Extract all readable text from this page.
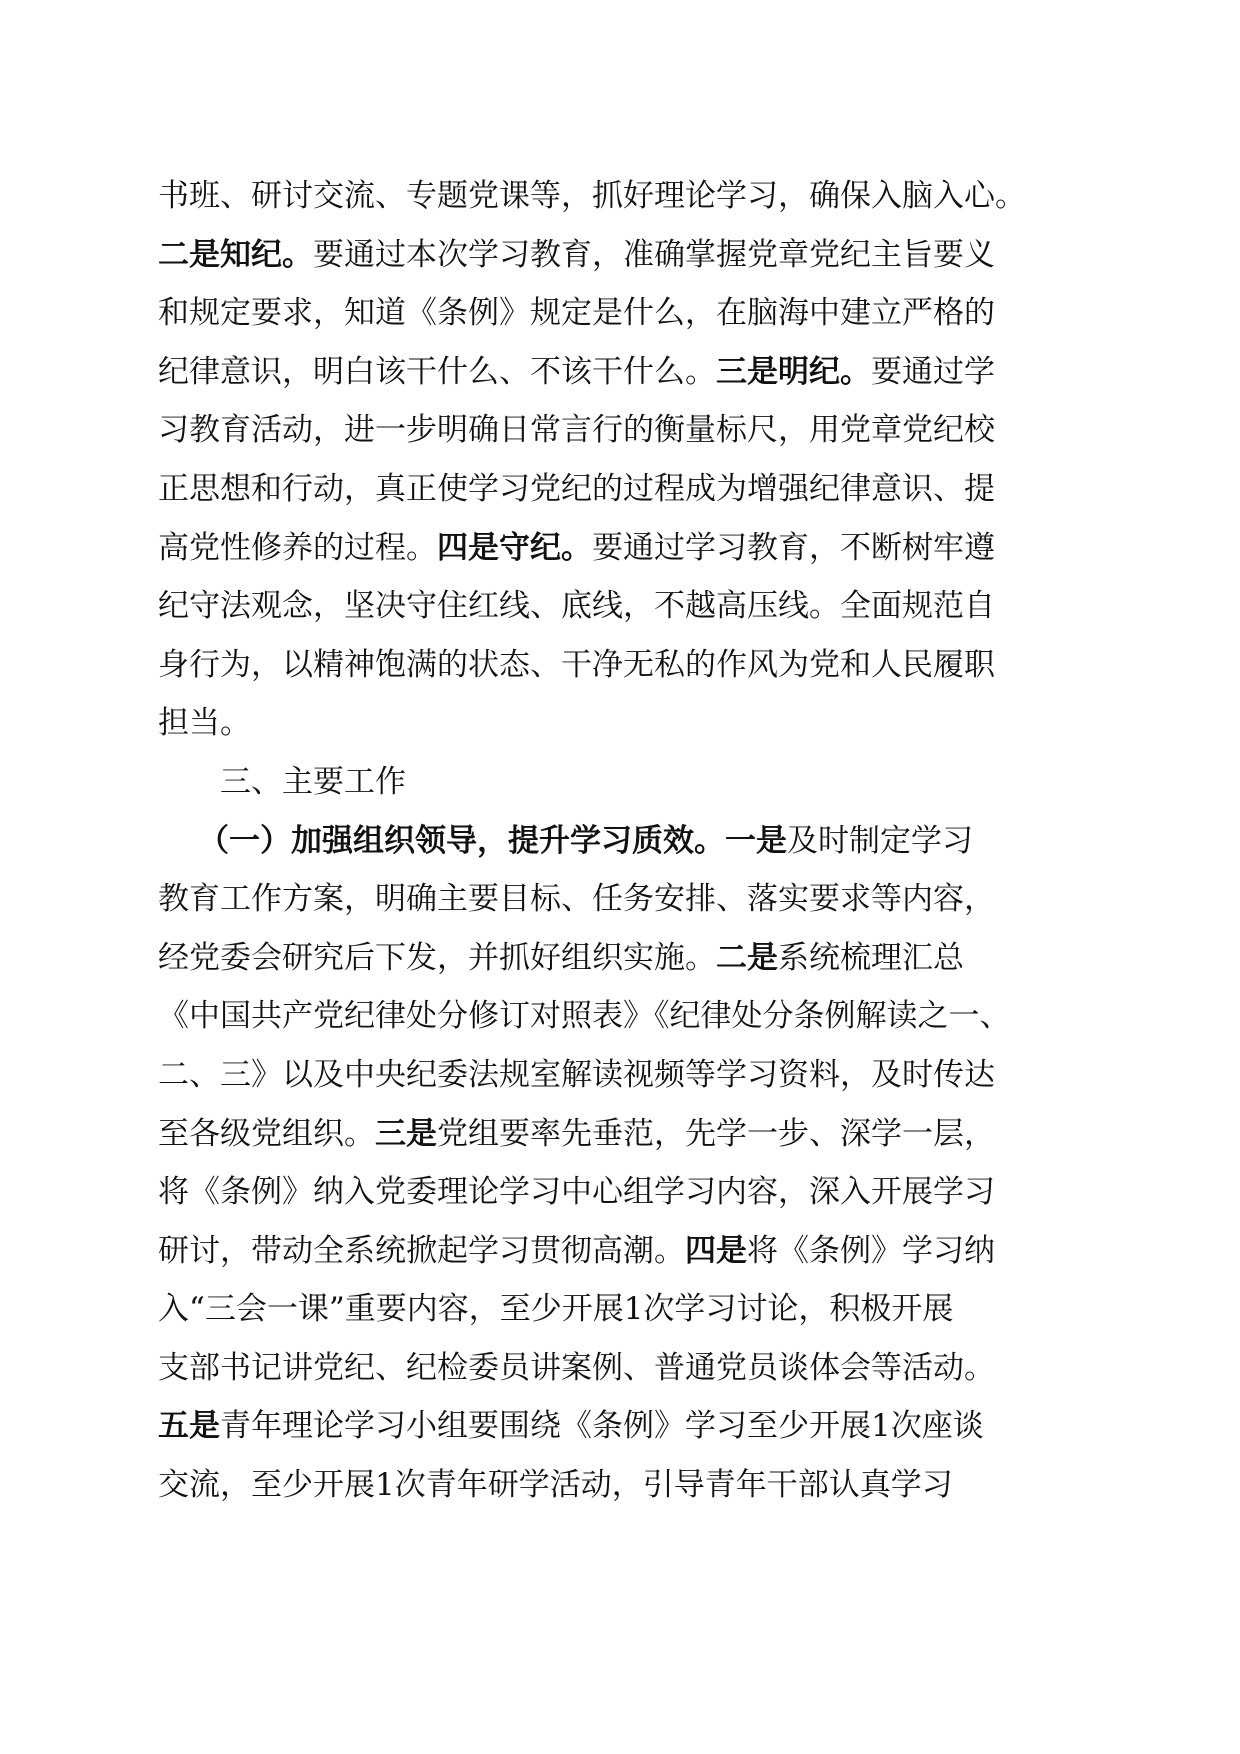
书班、研讨交流、专题党课等，抓好理论学习，确保入脑入心。
二是知纪。要通过本次学习教育，准确掌握党章党纪主旨要义
和规定要求，知道《条例》规定是什么，在脑海中建立严格的
纪律意识，明白该干什么、不该干什么。三是明纪。要通过学
习教育活动，进一步明确日常言行的衡量标尺，用党章党纪校
正思想和行动，真正使学习党纪的过程成为增强纪律意识、提
高党性修养的过程。四是守纪。要通过学习教育，不断树牢遵
纪守法观念，坚决守住红线、底线，不越高压线。全面规范自
身行为，以精神饱满的状态、干净无私的作风为党和人民履职
担当。
三、主要工作
（一）加强组织领导，提升学习质效。一是及时制定学习
教育工作方案，明确主要目标、任务安排、落实要求等内容，
经党委会研究后下发，并抓好组织实施。二是系统梳理汇总
《中国共产党纪律处分修订对照表》《纪律处分条例解读之一、
二、三》以及中央纪委法规室解读视频等学习资料，及时传达
至各级党组织。三是党组要率先垂范，先学一步、深学一层，
将《条例》纳入党委理论学习中心组学习内容，深入开展学习
研讨，带动全系统掀起学习贯彻高潮。四是将《条例》学习纳
入“三会一课”重要内容，至少开展1次学习讨论，积极开展
支部书记讲党纪、纪检委员讲案例、普通党员谈体会等活动。
五是青年理论学习小组要围绕《条例》学习至少开展1次座谈
交流，至少开展1次青年研学活动，引导青年干部认真学习
